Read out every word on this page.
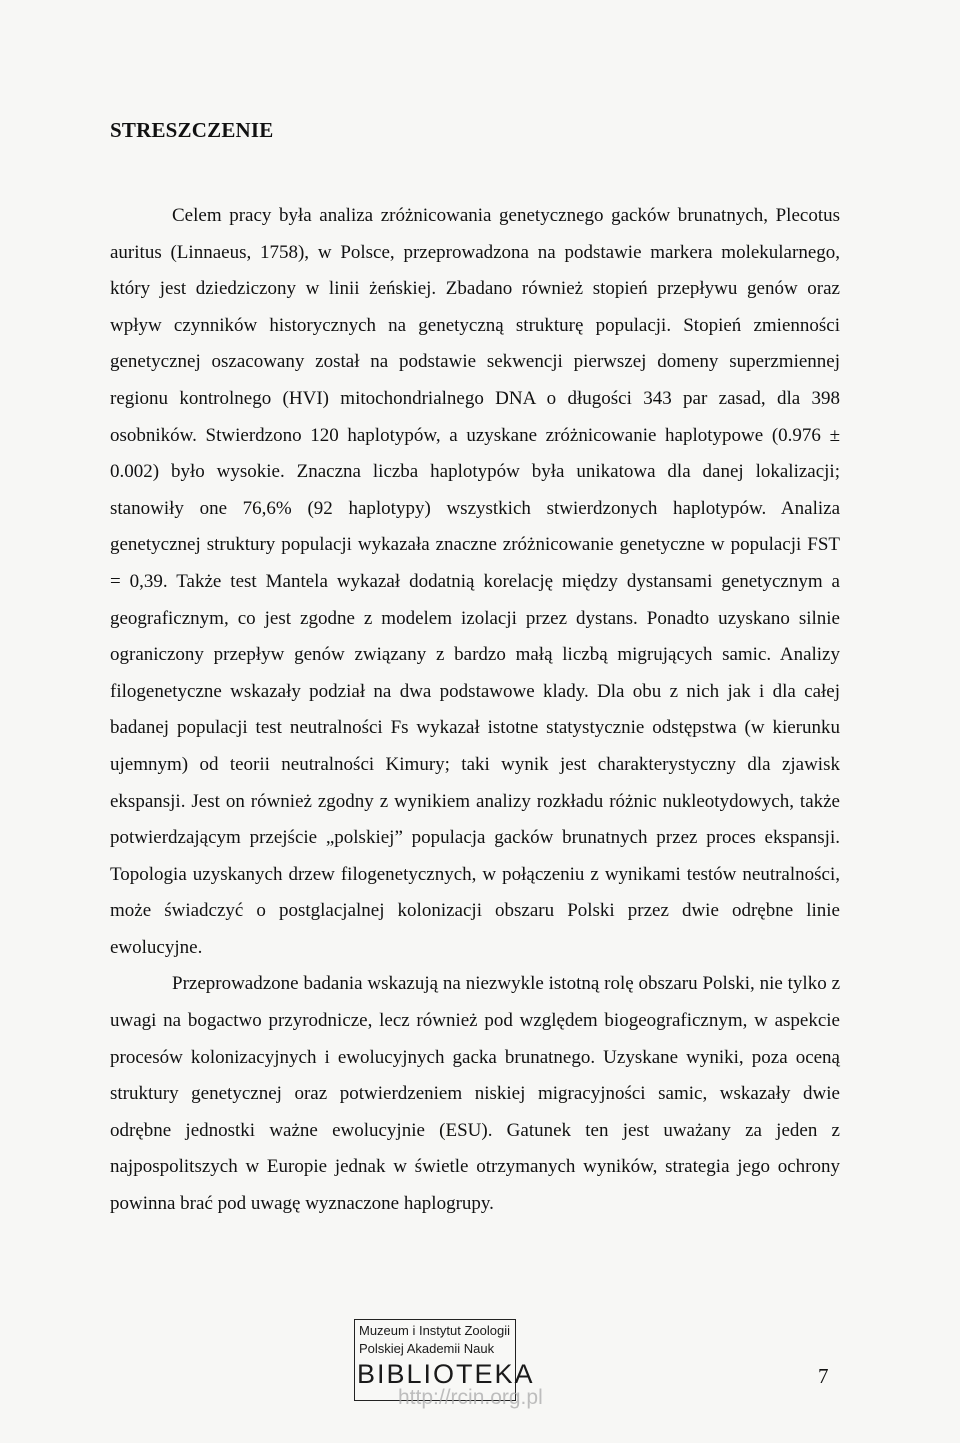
STRESZCZENIE

Celem pracy była analiza zróżnicowania genetycznego gacków brunatnych, Plecotus auritus (Linnaeus, 1758), w Polsce, przeprowadzona na podstawie markera molekularnego, który jest dziedziczony w linii żeńskiej. Zbadano również stopień przepływu genów oraz wpływ czynników historycznych na genetyczną strukturę populacji. Stopień zmienności genetycznej oszacowany został na podstawie sekwencji pierwszej domeny superzmiennej regionu kontrolnego (HVI) mitochondrialnego DNA o długości 343 par zasad, dla 398 osobników. Stwierdzono 120 haplotypów, a uzyskane zróżnicowanie haplotypowe (0.976 ± 0.002) było wysokie. Znaczna liczba haplotypów była unikatowa dla danej lokalizacji; stanowiły one 76,6% (92 haplotypy) wszystkich stwierdzonych haplotypów. Analiza genetycznej struktury populacji wykazała znaczne zróżnicowanie genetyczne w populacji FST = 0,39. Także test Mantela wykazał dodatnią korelację między dystansami genetycznym a geograficznym, co jest zgodne z modelem izolacji przez dystans. Ponadto uzyskano silnie ograniczony przepływ genów związany z bardzo małą liczbą migrujących samic. Analizy filogenetyczne wskazały podział na dwa podstawowe klady. Dla obu z nich jak i dla całej badanej populacji test neutralności Fs wykazał istotne statystycznie odstępstwa (w kierunku ujemnym) od teorii neutralności Kimury; taki wynik jest charakterystyczny dla zjawisk ekspansji. Jest on również zgodny z wynikiem analizy rozkładu różnic nukleotydowych, także potwierdzającym przejście „polskiej” populacja gacków brunatnych przez proces ekspansji. Topologia uzyskanych drzew filogenetycznych, w połączeniu z wynikami testów neutralności, może świadczyć o postglacjalnej kolonizacji obszaru Polski przez dwie odrębne linie ewolucyjne.

Przeprowadzone badania wskazują na niezwykle istotną rolę obszaru Polski, nie tylko z uwagi na bogactwo przyrodnicze, lecz również pod względem biogeograficznym, w aspekcie procesów kolonizacyjnych i ewolucyjnych gacka brunatnego. Uzyskane wyniki, poza oceną struktury genetycznej oraz potwierdzeniem niskiej migracyjności samic, wskazały dwie odrębne jednostki ważne ewolucyjnie (ESU). Gatunek ten jest uważany za jeden z najpospolitszych w Europie jednak w świetle otrzymanych wyników, strategia jego ochrony powinna brać pod uwagę wyznaczone haplogrupy.

Muzeum i Instytut Zoologii
Polskiej Akademii Nauk
BIBLIOTEKA
http://rcin.org.pl
7
